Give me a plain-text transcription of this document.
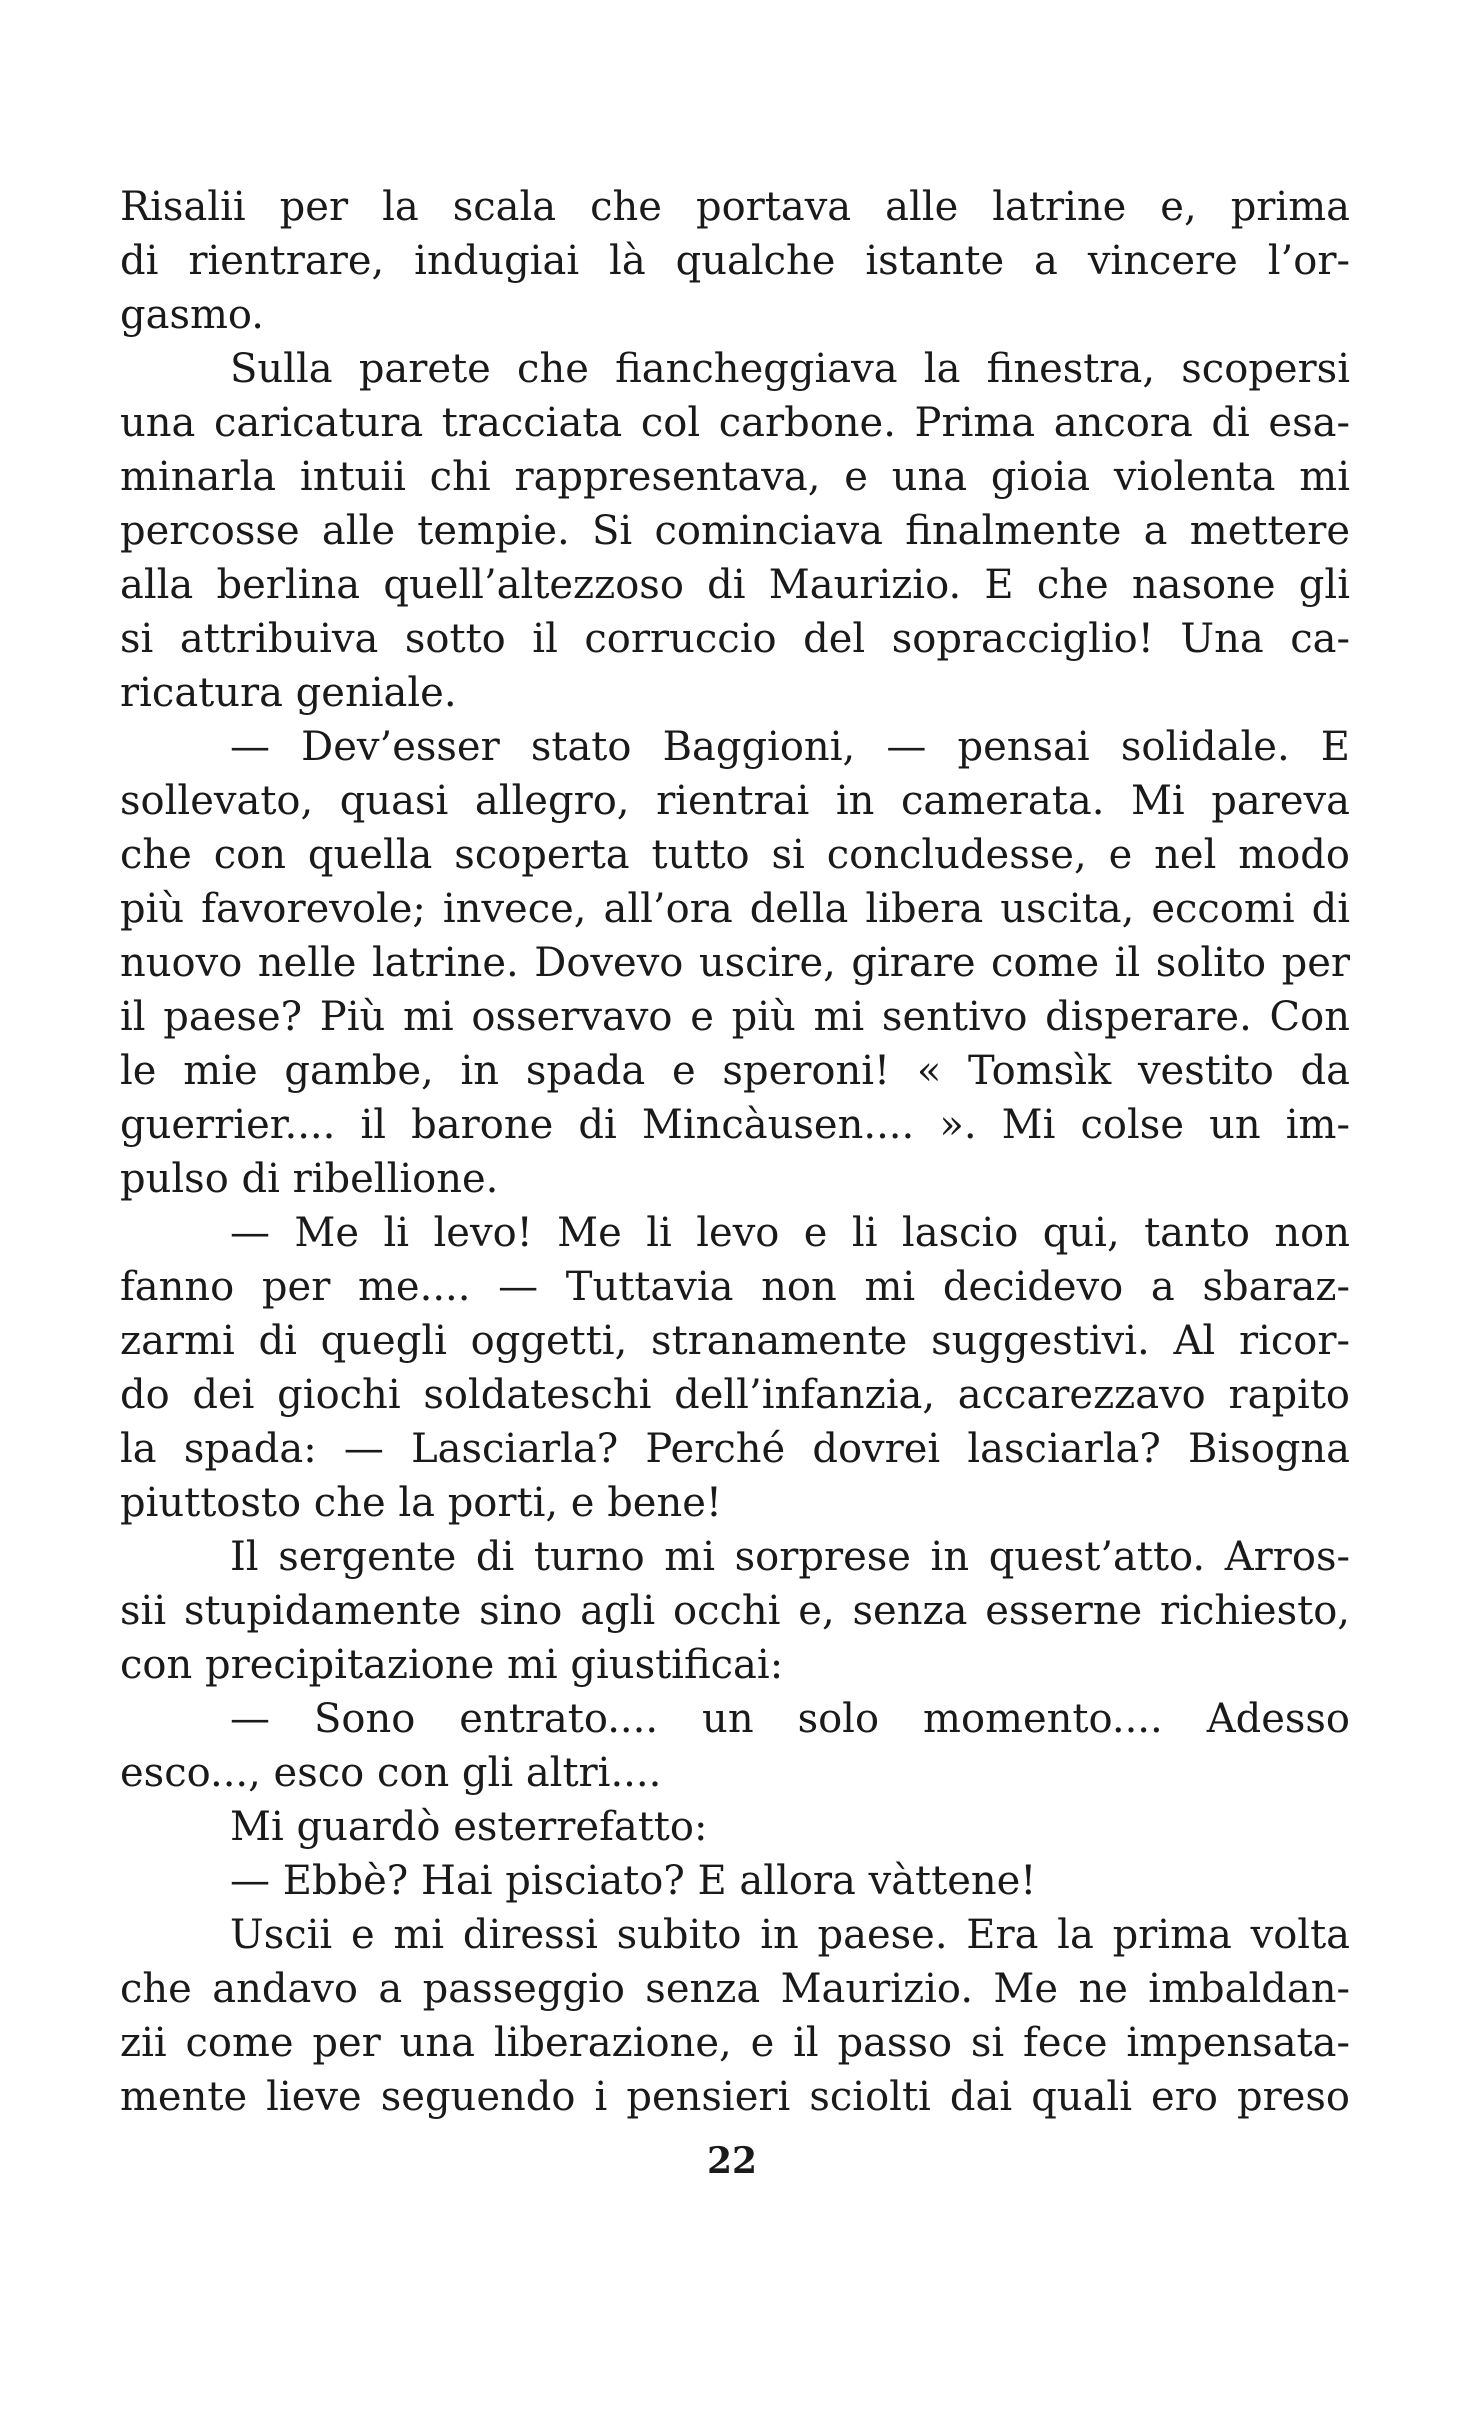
Risalii per la scala che portava alle latrine e, prima
di rientrare, indugiai là qualche istante a vincere l’or-
gasmo.
Sulla parete che fiancheggiava la finestra, scopersi
una caricatura tracciata col carbone. Prima ancora di esa-
minarla intuii chi rappresentava, e una gioia violenta mi
percosse alle tempie. Si cominciava finalmente a mettere
alla berlina quell’altezzoso di Maurizio. E che nasone gli
si attribuiva sotto il corruccio del sopracciglio! Una ca-
ricatura geniale.
— Dev’esser stato Baggioni, — pensai solidale. E
sollevato, quasi allegro, rientrai in camerata. Mi pareva
che con quella scoperta tutto si concludesse, e nel modo
più favorevole; invece, all’ora della libera uscita, eccomi di
nuovo nelle latrine. Dovevo uscire, girare come il solito per
il paese? Più mi osservavo e più mi sentivo disperare. Con
le mie gambe, in spada e speroni! « Tomsìk vestito da
guerrier.... il barone di Mincàusen.... ». Mi colse un im-
pulso di ribellione.
— Me li levo! Me li levo e li lascio qui, tanto non
fanno per me.... — Tuttavia non mi decidevo a sbaraz-
zarmi di quegli oggetti, stranamente suggestivi. Al ricor-
do dei giochi soldateschi dell’infanzia, accarezzavo rapito
la spada: — Lasciarla? Perché dovrei lasciarla? Bisogna
piuttosto che la porti, e bene!
Il sergente di turno mi sorprese in quest’atto. Arros-
sii stupidamente sino agli occhi e, senza esserne richiesto,
con precipitazione mi giustificai:
— Sono entrato.... un solo momento.... Adesso
esco..., esco con gli altri....
Mi guardò esterrefatto:
— Ebbè? Hai pisciato? E allora vàttene!
Uscii e mi diressi subito in paese. Era la prima volta
che andavo a passeggio senza Maurizio. Me ne imbaldan-
zii come per una liberazione, e il passo si fece impensata-
mente lieve seguendo i pensieri sciolti dai quali ero preso
22
